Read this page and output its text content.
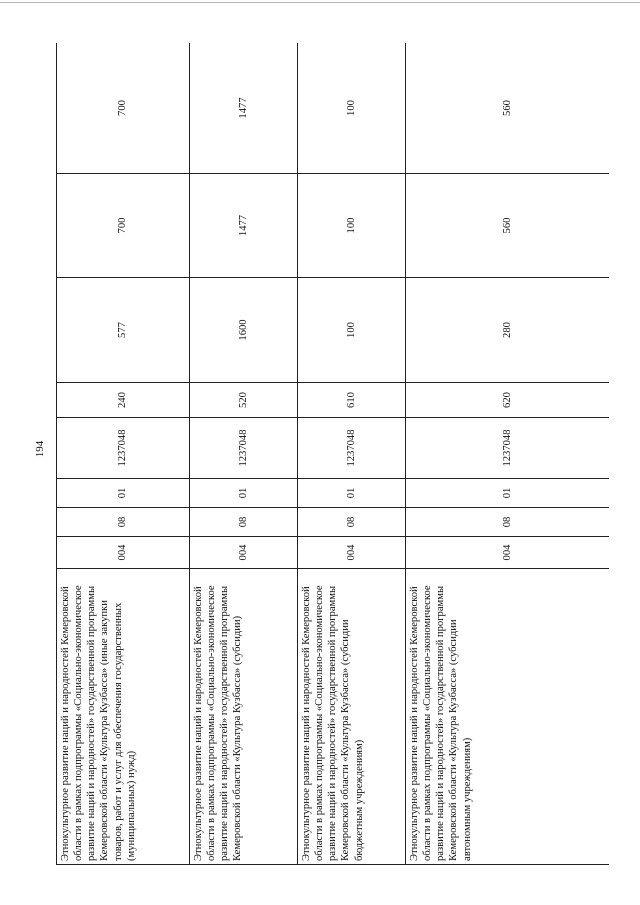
194
Этнокультурное развитие наций и народностей Кемеровской области в рамках подпрограммы «Социально-экономическое развитие наций и народностей» государственной программы Кемеровской области «Культура Кузбасса» (иные закупки товаров, работ и услуг для обеспечения государственных (муниципальных) нужд)	004	08	01	1237048	240	577	700	700
Этнокультурное развитие наций и народностей Кемеровской области в рамках подпрограммы «Социально-экономическое развитие наций и народностей» государственной программы Кемеровской области «Культура Кузбасса» (субсидии)	004	08	01	1237048	520	1600	1477	1477
Этнокультурное развитие наций и народностей Кемеровской области в рамках подпрограммы «Социально-экономическое развитие наций и народностей» государственной программы Кемеровской области «Культура Кузбасса» (субсидии бюджетным учреждениям)	004	08	01	1237048	610	100	100	100
Этнокультурное развитие наций и народностей Кемеровской области в рамках подпрограммы «Социально-экономическое развитие наций и народностей» государственной программы Кемеровской области «Культура Кузбасса» (субсидии автономным учреждениям)	004	08	01	1237048	620	280	560	560
